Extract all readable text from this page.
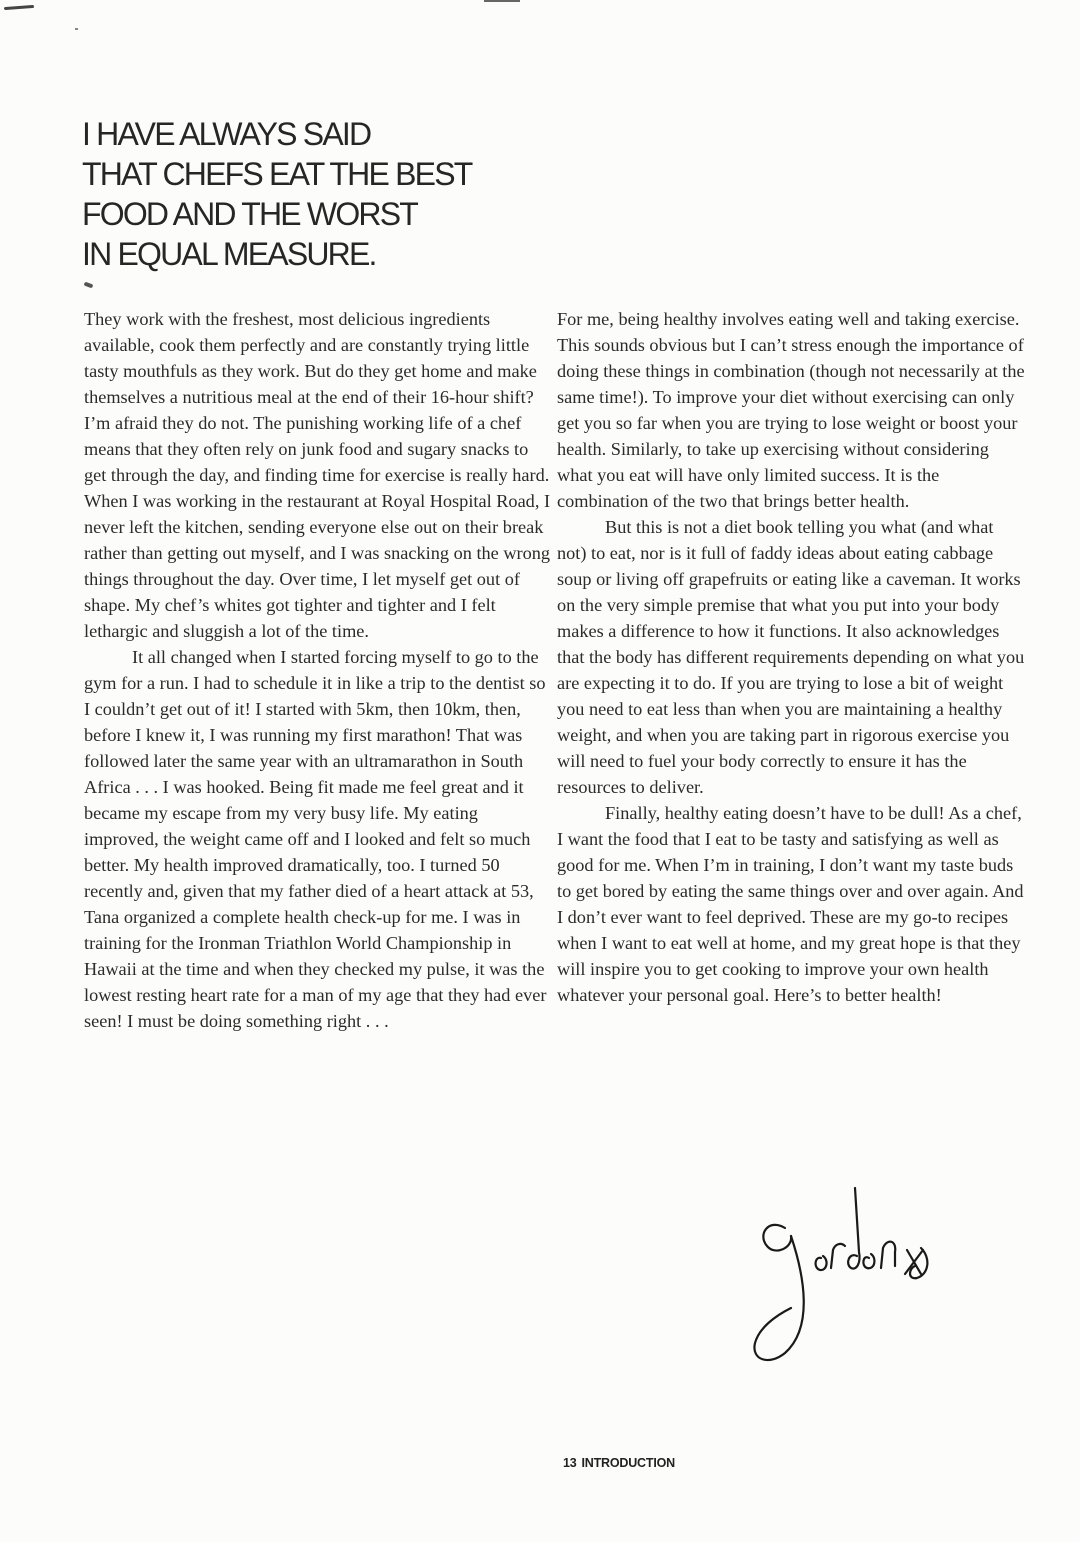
I HAVE ALWAYS SAID
THAT CHEFS EAT THE BEST
FOOD AND THE WORST
IN EQUAL MEASURE.

They work with the freshest, most delicious ingredients available, cook them perfectly and are constantly trying little tasty mouthfuls as they work. But do they get home and make themselves a nutritious meal at the end of their 16-hour shift? I’m afraid they do not. The punishing working life of a chef means that they often rely on junk food and sugary snacks to get through the day, and finding time for exercise is really hard. When I was working in the restaurant at Royal Hospital Road, I never left the kitchen, sending everyone else out on their break rather than getting out myself, and I was snacking on the wrong things throughout the day. Over time, I let myself get out of shape. My chef’s whites got tighter and tighter and I felt lethargic and sluggish a lot of the time.

It all changed when I started forcing myself to go to the gym for a run. I had to schedule it in like a trip to the dentist so I couldn’t get out of it! I started with 5km, then 10km, then, before I knew it, I was running my first marathon! That was followed later the same year with an ultramarathon in South Africa . . . I was hooked. Being fit made me feel great and it became my escape from my very busy life. My eating improved, the weight came off and I looked and felt so much better. My health improved dramatically, too. I turned 50 recently and, given that my father died of a heart attack at 53, Tana organized a complete health check-up for me. I was in training for the Ironman Triathlon World Championship in Hawaii at the time and when they checked my pulse, it was the lowest resting heart rate for a man of my age that they had ever seen! I must be doing something right . . .

For me, being healthy involves eating well and taking exercise. This sounds obvious but I can’t stress enough the importance of doing these things in combination (though not necessarily at the same time!). To improve your diet without exercising can only get you so far when you are trying to lose weight or boost your health. Similarly, to take up exercising without considering what you eat will have only limited success. It is the combination of the two that brings better health.

But this is not a diet book telling you what (and what not) to eat, nor is it full of faddy ideas about eating cabbage soup or living off grapefruits or eating like a caveman. It works on the very simple premise that what you put into your body makes a difference to how it functions. It also acknowledges that the body has different requirements depending on what you are expecting it to do. If you are trying to lose a bit of weight you need to eat less than when you are maintaining a healthy weight, and when you are taking part in rigorous exercise you will need to fuel your body correctly to ensure it has the resources to deliver.

Finally, healthy eating doesn’t have to be dull! As a chef, I want the food that I eat to be tasty and satisfying as well as good for me. When I’m in training, I don’t want my taste buds to get bored by eating the same things over and over again. And I don’t ever want to feel deprived. These are my go-to recipes when I want to eat well at home, and my great hope is that they will inspire you to get cooking to improve your own health whatever your personal goal. Here’s to better health!

13 INTRODUCTION
